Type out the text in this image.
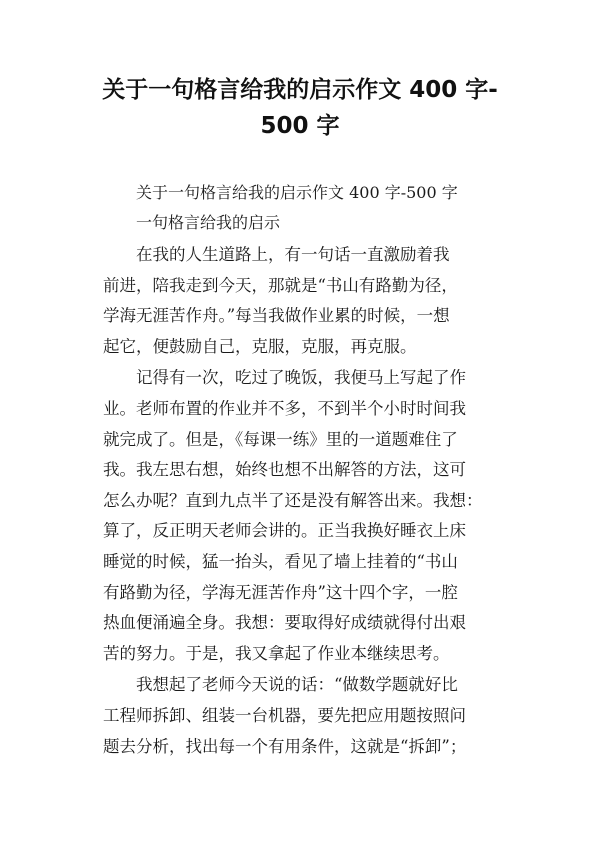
关于一句格言给我的启示作文 400 字-
500 字

关于一句格言给我的启示作文 400 字-500 字

一句格言给我的启示

在我的人生道路上，有一句话一直激励着我
前进，陪我走到今天，那就是“书山有路勤为径，
学海无涯苦作舟。”每当我做作业累的时候，一想
起它，便鼓励自己，克服，克服，再克服。

记得有一次，吃过了晚饭，我便马上写起了作
业。老师布置的作业并不多，不到半个小时时间我
就完成了。但是，《每课一练》里的一道题难住了
我。我左思右想，始终也想不出解答的方法，这可
怎么办呢？直到九点半了还是没有解答出来。我想：
算了，反正明天老师会讲的。正当我换好睡衣上床
睡觉的时候，猛一抬头，看见了墙上挂着的“书山
有路勤为径，学海无涯苦作舟”这十四个字，一腔
热血便涌遍全身。我想：要取得好成绩就得付出艰
苦的努力。于是，我又拿起了作业本继续思考。

我想起了老师今天说的话：“做数学题就好比
工程师拆卸、组装一台机器，要先把应用题按照问
题去分析，找出每一个有用条件，这就是“拆卸”；
